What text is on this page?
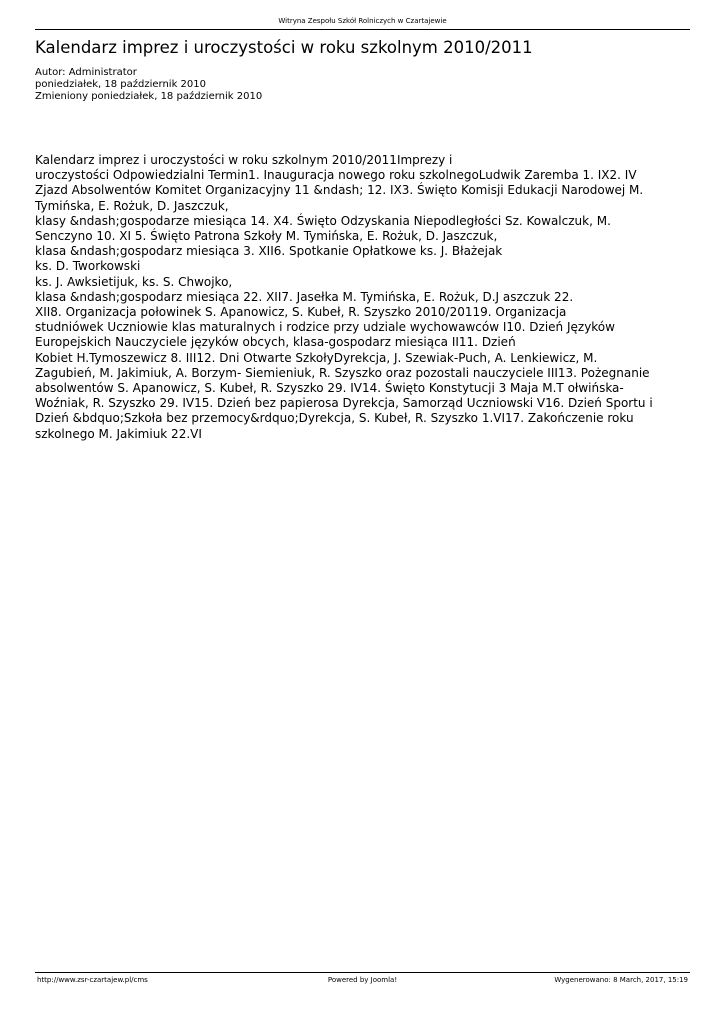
Witryna Zespołu Szkół Rolniczych w Czartajewie
Kalendarz imprez i uroczystości w roku szkolnym 2010/2011
Autor: Administrator
poniedziałek, 18 październik 2010
Zmieniony poniedziałek, 18 październik 2010
Kalendarz imprez i uroczystości w roku szkolnym 2010/2011Imprezy i
uroczystości Odpowiedzialni Termin1. Inauguracja nowego roku szkolnegoLudwik Zaremba 1. IX2. IV
Zjazd Absolwentów Komitet Organizacyjny 11 &ndash; 12. IX3. Święto Komisji Edukacji Narodowej M.
Tymińska, E. Rożuk, D. Jaszczuk,
klasy &ndash;gospodarze miesiąca 14. X4. Święto Odzyskania Niepodległości Sz. Kowalczuk, M.
Senczyno 10. XI 5. Święto Patrona Szkoły M. Tymińska, E. Rożuk, D. Jaszczuk,
klasa &ndash;gospodarz miesiąca 3. XII6. Spotkanie Opłatkowe ks. J. Błażejak
ks. D. Tworkowski
ks. J. Awksietijuk, ks. S. Chwojko,
klasa &ndash;gospodarz miesiąca 22. XII7. Jasełka M. Tymińska, E. Rożuk, D.J aszczuk 22.
XII8. Organizacja połowinek S. Apanowicz, S. Kubeł, R. Szyszko 2010/20119. Organizacja
studniówek Uczniowie klas maturalnych i rodzice przy udziale wychowawców I10. Dzień Języków
Europejskich Nauczyciele języków obcych, klasa-gospodarz miesiąca II11. Dzień
Kobiet H.Tymoszewicz 8. III12. Dni Otwarte SzkołyDyrekcja, J. Szewiak-Puch, A. Lenkiewicz, M.
Zagubień, M. Jakimiuk, A. Borzym- Siemieniuk, R. Szyszko oraz pozostali nauczyciele III13. Pożegnanie
absolwentów S. Apanowicz, S. Kubeł, R. Szyszko 29. IV14. Święto Konstytucji 3 Maja M.T ołwińska-
Woźniak, R. Szyszko 29. IV15. Dzień bez papierosa Dyrekcja, Samorząd Uczniowski V16. Dzień Sportu i
Dzień &bdquo;Szkoła bez przemocy&rdquo;Dyrekcja, S. Kubeł, R. Szyszko 1.VI17. Zakończenie roku
szkolnego M. Jakimiuk 22.VI
http://www.zsr-czartajew.pl/cms	Powered by Joomla!	Wygenerowano: 8 March, 2017, 15:19
